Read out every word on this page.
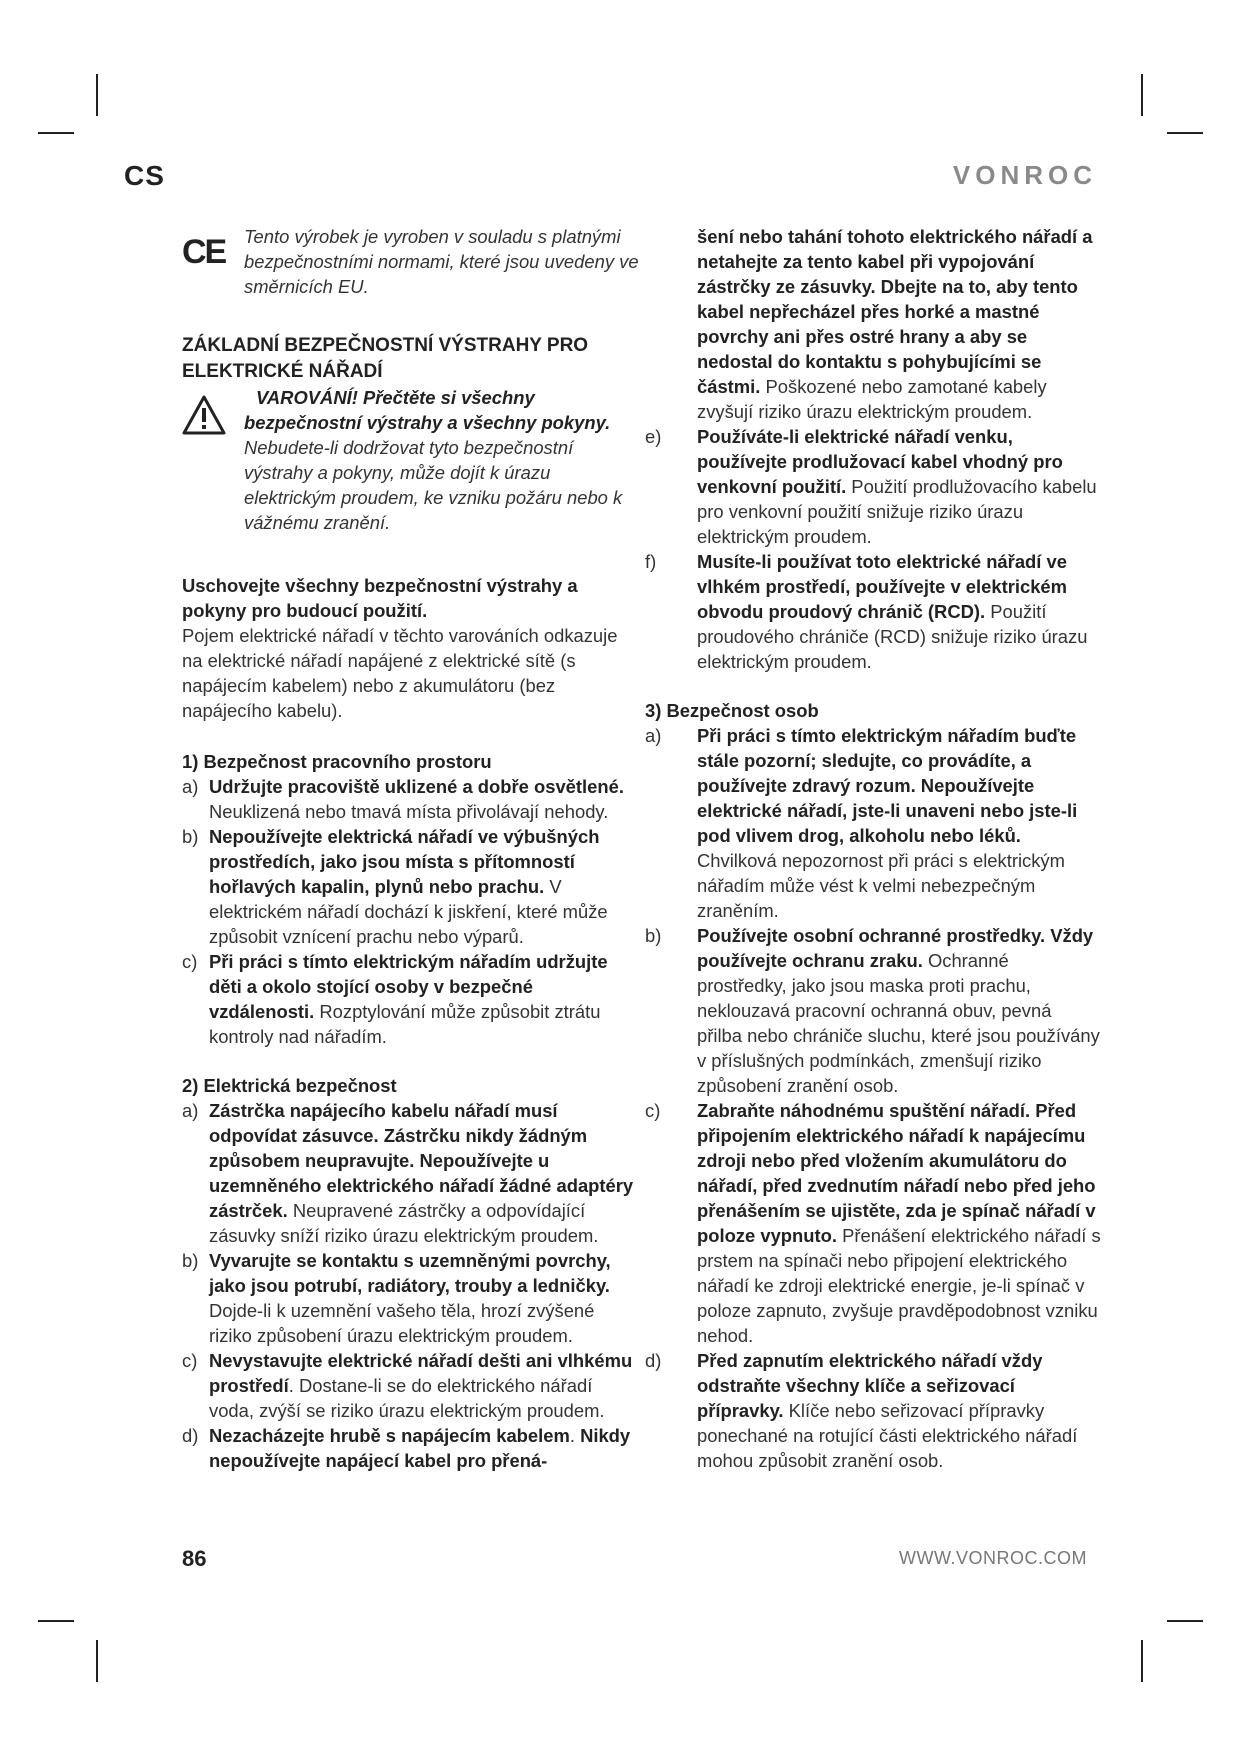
CS	VONROC
CE Tento výrobek je vyroben v souladu s platnými bezpečnostními normami, které jsou uvedeny ve směrnicích EU.

ZÁKLADNÍ BEZPEČNOSTNÍ VÝSTRAHY PRO ELEKTRICKÉ NÁŘADÍ

VAROVÁNÍ! Přečtěte si všechny bezpečnostní výstrahy a všechny pokyny. Nebudete-li dodržovat tyto bezpečnostní výstrahy a pokyny, může dojít k úrazu elektrickým proudem, ke vzniku požáru nebo k vážnému zranění.

Uschovejte všechny bezpečnostní výstrahy a pokyny pro budoucí použití.

Pojem elektrické nářadí v těchto varováních odkazuje na elektrické nářadí napájené z elektrické sítě (s napájecím kabelem) nebo z akumulátoru (bez napájecího kabelu).

1) Bezpečnost pracovního prostoru
a) Udržujte pracoviště uklizené a dobře osvětlené. Neuklizená nebo tmavá místa přivolávají nehody.
b) Nepoužívejte elektrická nářadí ve výbušných prostředích, jako jsou místa s přítomností hořlavých kapalin, plynů nebo prachu. V elektrickém nářadí dochází k jiskření, které může způsobit vznícení prachu nebo výparů.
c) Při práci s tímto elektrickým nářadím udržujte děti a okolo stojící osoby v bezpečné vzdálenosti. Rozptylování může způsobit ztrátu kontroly nad nářadím.
2) Elektrická bezpečnost
a) Zástrčka napájecího kabelu nářadí musí odpovídat zásuvce. Zástrčku nikdy žádným způsobem neupravujte. Nepoužívejte u uzemněného elektrického nářadí žádné adaptéry zástrček. Neupravené zástrčky a odpovídající zásuvky sníží riziko úrazu elektrickým proudem.
b) Vyvarujte se kontaktu s uzemněnými povrchy, jako jsou potrubí, radiátory, trouby a ledničky. Dojde-li k uzemnění vašeho těla, hrozí zvýšené riziko způsobení úrazu elektrickým proudem.
c) Nevystavujte elektrické nářadí dešti ani vlhkému prostředí. Dostane-li se do elektrického nářadí voda, zvýší se riziko úrazu elektrickým proudem.
d) Nezacházejte hrubě s napájecím kabelem. Nikdy nepoužívejte napájecí kabel pro přená-

šení nebo tahání tohoto elektrického nářadí a netahejte za tento kabel při vypojování zástrčky ze zásuvky. Dbejte na to, aby tento kabel nepřecházel přes horké a mastné povrchy ani přes ostré hrany a aby se nedostal do kontaktu s pohybujícími se částmi. Poškozené nebo zamotané kabely zvyšují riziko úrazu elektrickým proudem.

e) Používáte-li elektrické nářadí venku, používejte prodlužovací kabel vhodný pro venkovní použití. Použití prodlužovacího kabelu pro venkovní použití snižuje riziko úrazu elektrickým proudem.
f) Musíte-li používat toto elektrické nářadí ve vlhkém prostředí, používejte v elektrickém obvodu proudový chránič (RCD). Použití proudového chrániče (RCD) snižuje riziko úrazu elektrickým proudem.
3) Bezpečnost osob
a) Při práci s tímto elektrickým nářadím buďte stále pozorní; sledujte, co provádíte, a používejte zdravý rozum. Nepoužívejte elektrické nářadí, jste-li unaveni nebo jste-li pod vlivem drog, alkoholu nebo léků. Chvilková nepozornost při práci s elektrickým nářadím může vést k velmi nebezpečným zraněním.
b) Používejte osobní ochranné prostředky. Vždy používejte ochranu zraku. Ochranné prostředky, jako jsou maska proti prachu, neklouzavá pracovní ochranná obuv, pevná přilba nebo chrániče sluchu, které jsou používány v příslušných podmínkách, zmenšují riziko způsobení zranění osob.
c) Zabraňte náhodnému spuštění nářadí. Před připojením elektrického nářadí k napájecímu zdroji nebo před vložením akumulátoru do nářadí, před zvednutím nářadí nebo před jeho přenášením se ujistěte, zda je spínač nářadí v poloze vypnuto. Přenášení elektrického nářadí s prstem na spínači nebo připojení elektrického nářadí ke zdroji elektrické energie, je-li spínač v poloze zapnuto, zvyšuje pravděpodobnost vzniku nehod.
d) Před zapnutím elektrického nářadí vždy odstraňte všechny klíče a seřizovací přípravky. Klíče nebo seřizovací přípravky ponechané na rotující části elektrického nářadí mohou způsobit zranění osob.
86	WWW.VONROC.COM
